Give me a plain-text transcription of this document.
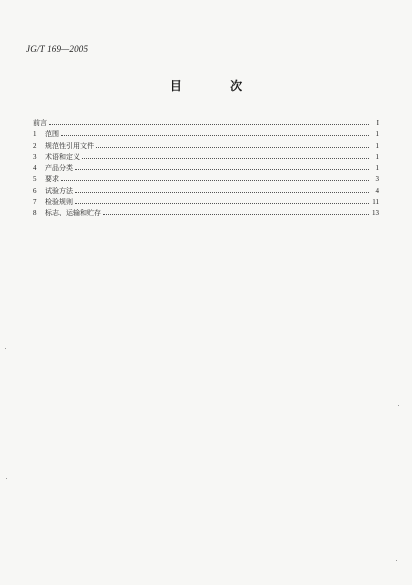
JG/T 169—2005
目 次
前言	I
1	范围	1
2	规范性引用文件	1
3	术语和定义	1
4	产品分类	1
5	要求	3
6	试验方法	4
7	检验规则	11
8	标志、运输和贮存	13
